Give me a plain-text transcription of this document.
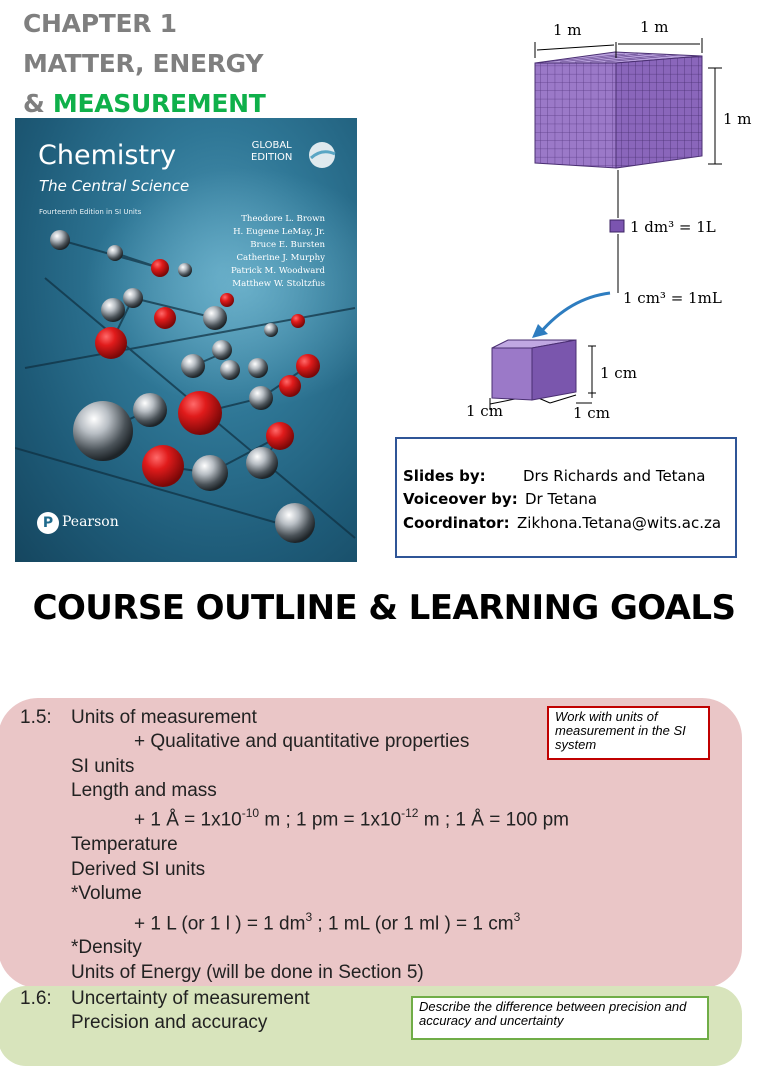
CHAPTER 1
MATTER, ENERGY
& MEASUREMENT
Chemistry
The Central Science
Fourteenth Edition in SI Units
GLOBAL
EDITION
Theodore L. Brown
H. Eugene LeMay, Jr.
Bruce E. Bursten
Catherine J. Murphy
Patrick M. Woodward
Matthew W. Stoltzfus
P Pearson
1 m	1 m
1 m
1 dm³ = 1L
1 cm³ = 1mL
1 cm
1 cm	1 cm
Slides by: Drs Richards and Tetana
Voiceover by: Dr Tetana
Coordinator: Zikhona.Tetana@wits.ac.za
COURSE OUTLINE & LEARNING GOALS
1.5: Units of measurement
+ Qualitative and quantitative properties
SI units
Length and mass
+ 1 Å = $1x10^{-10}$ m ; 1 pm = $1x10^{-12}$ m ; 1 Å = 100 pm
Temperature
Derived SI units
*Volume
+ 1 L (or 1 l ) = 1 $dm^3$ ; 1 mL (or 1 ml ) = 1 $cm^3$
*Density
Units of Energy (will be done in Section 5)
Work with units of measurement in the SI system
1.6: Uncertainty of measurement
Precision and accuracy
Describe the difference between precision and accuracy and uncertainty
